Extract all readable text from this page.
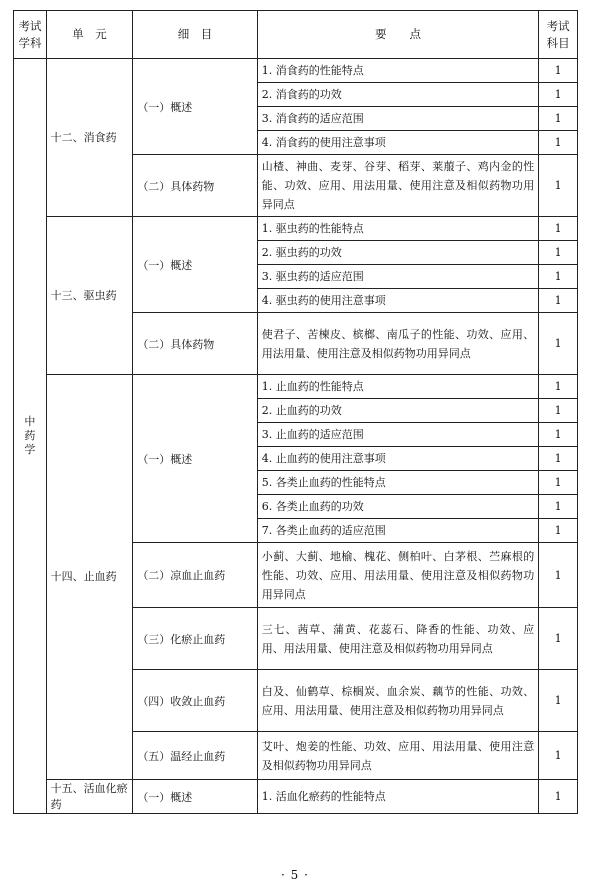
考试学科	单　元	细　目	要　　点	考试科目
中药学	十二、消食药	（一）概述	1. 消食药的性能特点	1
			2. 消食药的功效	1
			3. 消食药的适应范围	1
			4. 消食药的使用注意事项	1
		（二）具体药物	山楂、神曲、麦芽、谷芽、稻芽、莱菔子、鸡内金的性能、功效、应用、用法用量、使用注意及相似药物功用异同点	1
	十三、驱虫药	（一）概述	1. 驱虫药的性能特点	1
			2. 驱虫药的功效	1
			3. 驱虫药的适应范围	1
			4. 驱虫药的使用注意事项	1
		（二）具体药物	使君子、苦楝皮、槟榔、南瓜子的性能、功效、应用、用法用量、使用注意及相似药物功用异同点	1
	十四、止血药	（一）概述	1. 止血药的性能特点	1
			2. 止血药的功效	1
			3. 止血药的适应范围	1
			4. 止血药的使用注意事项	1
			5. 各类止血药的性能特点	1
			6. 各类止血药的功效	1
			7. 各类止血药的适应范围	1
		（二）凉血止血药	小蓟、大蓟、地榆、槐花、侧柏叶、白茅根、苎麻根的性能、功效、应用、用法用量、使用注意及相似药物功用异同点	1
		（三）化瘀止血药	三七、茜草、蒲黄、花蕊石、降香的性能、功效、应用、用法用量、使用注意及相似药物功用异同点	1
		（四）收敛止血药	白及、仙鹤草、棕榈炭、血余炭、藕节的性能、功效、应用、用法用量、使用注意及相似药物功用异同点	1
		（五）温经止血药	艾叶、炮姜的性能、功效、应用、用法用量、使用注意及相似药物功用异同点	1
	十五、活血化瘀药	（一）概述	1. 活血化瘀药的性能特点	1
· 5 ·
